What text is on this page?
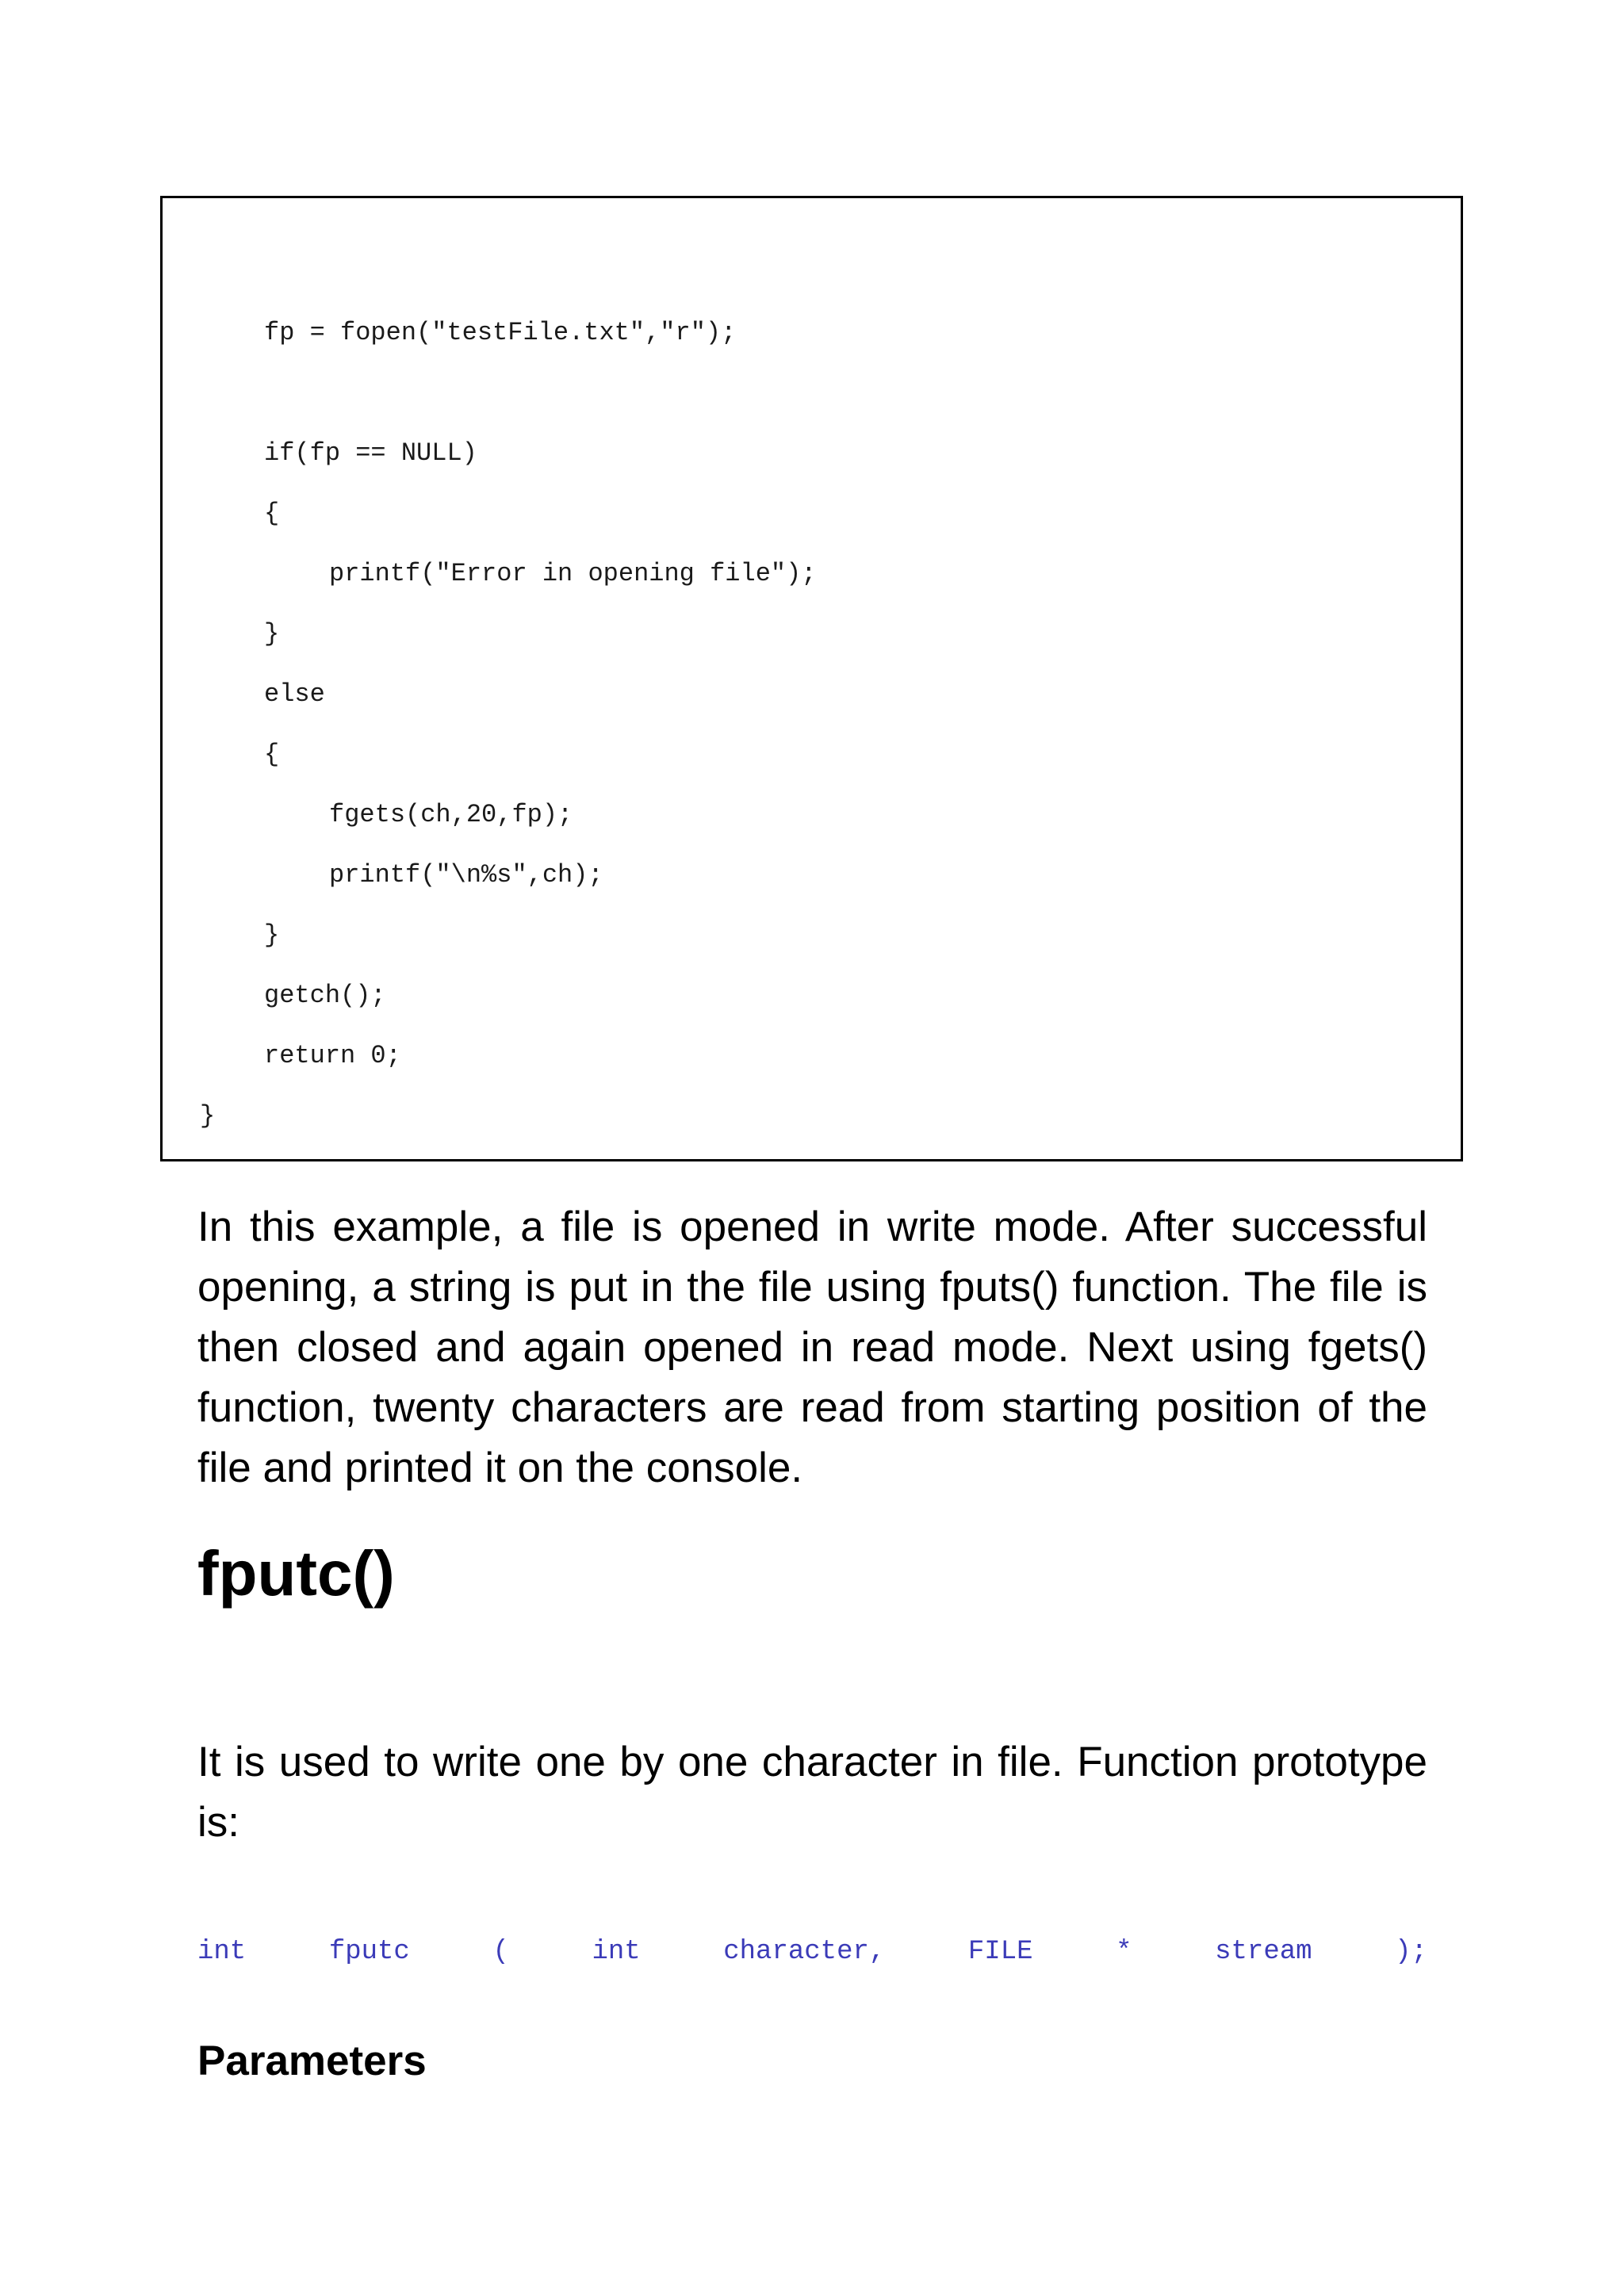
fp = fopen("testFile.txt","r");
if(fp == NULL)
{
printf("Error in opening file");
}
else
{
fgets(ch,20,fp);
printf("\n%s",ch);
}
getch();
return 0;
}

In this example, a file is opened in write mode. After successful opening, a string is put in the file using fputs() function. The file is then closed and again opened in read mode. Next using fgets() function, twenty characters are read from starting position of the file and printed it on the console.

fputc()

It is used to write one by one character in file. Function prototype is:

int	fputc	(	int	character,	FILE	*	stream	);
Parameters
